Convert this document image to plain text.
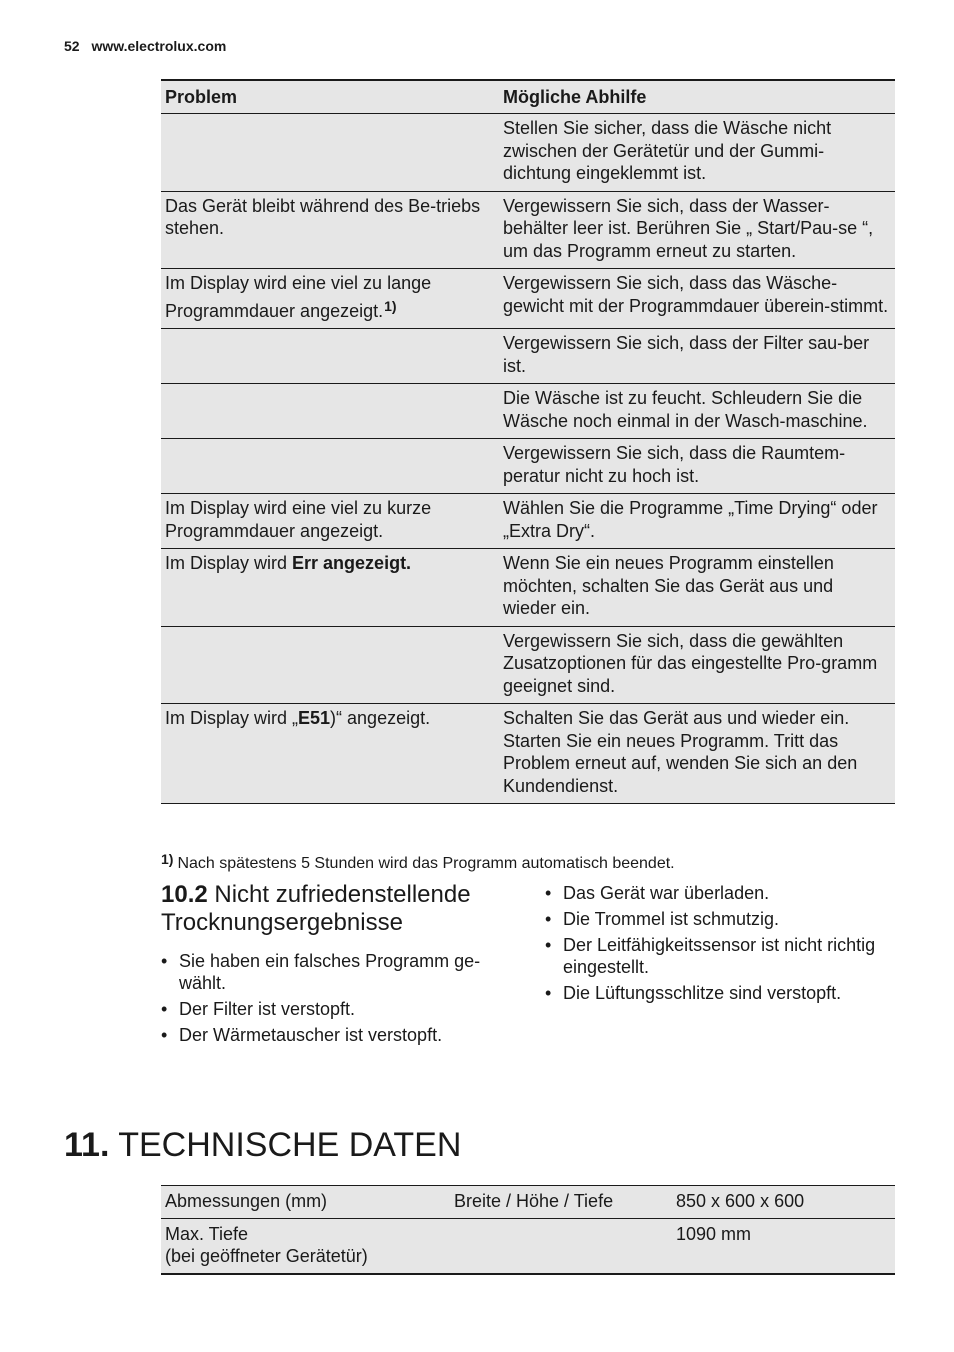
52 www.electrolux.com
Problem	Mögliche Abhilfe
	Stellen Sie sicher, dass die Wäsche nicht zwischen der Gerätetür und der Gummi-dichtung eingeklemmt ist.
Das Gerät bleibt während des Be-triebs stehen.	Vergewissern Sie sich, dass der Wasser-behälter leer ist. Berühren Sie „ Start/Pau-se “, um das Programm erneut zu starten.
Im Display wird eine viel zu lange Programmdauer angezeigt.$^{1)}$	Vergewissern Sie sich, dass das Wäsche-gewicht mit der Programmdauer überein-stimmt.
	Vergewissern Sie sich, dass der Filter sau-ber ist.
	Die Wäsche ist zu feucht. Schleudern Sie die Wäsche noch einmal in der Wasch-maschine.
	Vergewissern Sie sich, dass die Raumtem-peratur nicht zu hoch ist.
Im Display wird eine viel zu kurze Programmdauer angezeigt.	Wählen Sie die Programme „Time Drying“ oder „Extra Dry“.
Im Display wird Err angezeigt.	Wenn Sie ein neues Programm einstellen möchten, schalten Sie das Gerät aus und wieder ein.
	Vergewissern Sie sich, dass die gewählten Zusatzoptionen für das eingestellte Pro-gramm geeignet sind.
Im Display wird „E51)“ angezeigt.	Schalten Sie das Gerät aus und wieder ein. Starten Sie ein neues Programm. Tritt das Problem erneut auf, wenden Sie sich an den Kundendienst.
1) Nach spätestens 5 Stunden wird das Programm automatisch beendet.
10.2 Nicht zufriedenstellende Trocknungsergebnisse
• Sie haben ein falsches Programm ge-wählt.
• Der Filter ist verstopft.
• Der Wärmetauscher ist verstopft.
• Das Gerät war überladen.
• Die Trommel ist schmutzig.
• Der Leitfähigkeitssensor ist nicht richtig eingestellt.
• Die Lüftungsschlitze sind verstopft.
11. TECHNISCHE DATEN
Abmessungen (mm)	Breite / Höhe / Tiefe	850 x 600 x 600

Max. Tiefe
(bei geöffneter Gerätetür)		1090 mm
